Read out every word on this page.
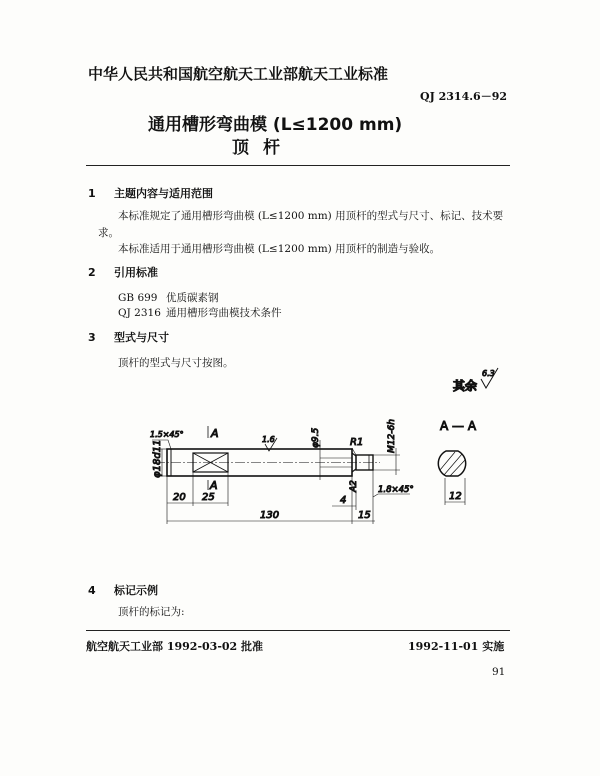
中华人民共和国航空航天工业部航天工业标准
QJ 2314.6－92
通用槽形弯曲模 (L≤1200 mm)
顶杆
1 主题内容与适用范围
本标准规定了通用槽形弯曲模 (L≤1200 mm) 用顶杆的型式与尺寸、标记、技术要
求。
本标准适用于通用槽形弯曲模 (L≤1200 mm) 用顶杆的制造与验收。
2 引用标准
GB 699 优质碳素钢
QJ 2316 通用槽形弯曲模技术条件
3 型式与尺寸
顶杆的型式与尺寸按图。
其余
6.3
φ18d11
20 25
A
130
4
15
1.5×45° A	1.6	φ9.5	R1	M12-6h
A2 1.8×45°
A — A
12
4 标记示例
顶杆的标记为:
航空航天工业部 1992-03-02 批准	1992-11-01 实施
91
